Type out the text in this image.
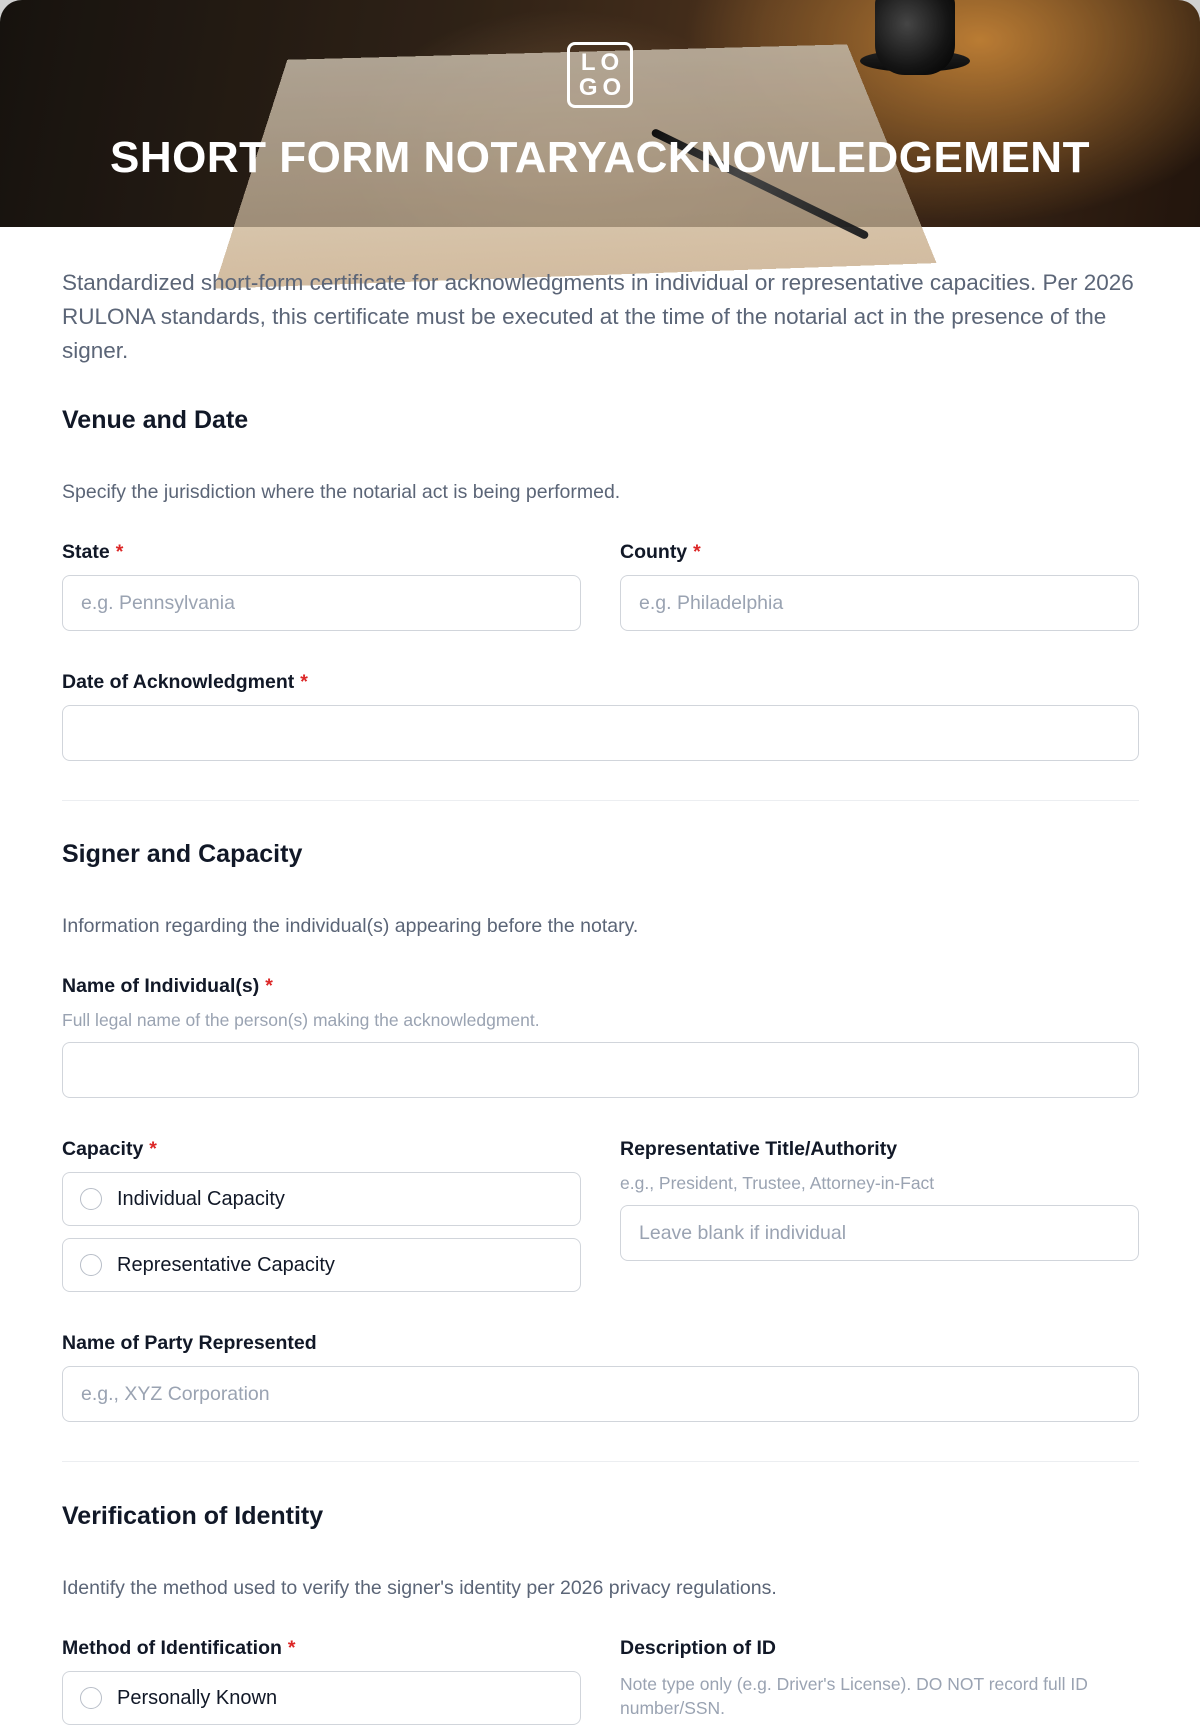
LO
GO
SHORT FORM NOTARYACKNOWLEDGEMENT

Standardized short-form certificate for acknowledgments in individual or representative capacities. Per 2026 RULONA standards, this certificate must be executed at the time of the notarial act in the presence of the signer.

Venue and Date
Specify the jurisdiction where the notarial act is being performed.
State *
e.g. Pennsylvania
County *
e.g. Philadelphia
Date of Acknowledgment *
Signer and Capacity
Information regarding the individual(s) appearing before the notary.
Name of Individual(s) *
Full legal name of the person(s) making the acknowledgment.
Capacity *
Individual Capacity
Representative Capacity
Representative Title/Authority
e.g., President, Trustee, Attorney-in-Fact
Leave blank if individual
Name of Party Represented
e.g., XYZ Corporation
Verification of Identity
Identify the method used to verify the signer's identity per 2026 privacy regulations.
Method of Identification *
Personally Known
Description of ID
Note type only (e.g. Driver's License). DO NOT record full ID
number/SSN.
